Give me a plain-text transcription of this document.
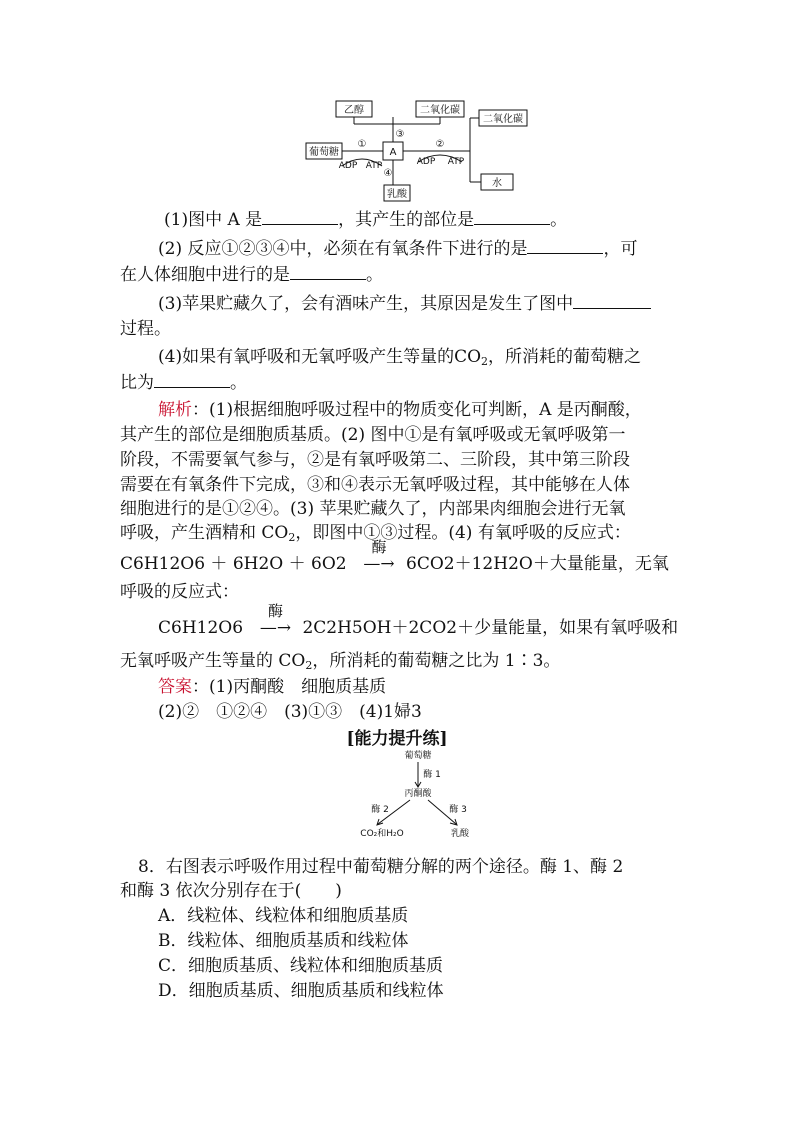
乙醇	二氧化碳
二氧化碳
葡萄糖	A
乳酸
水
①	②
③
④
ADP ATP	ADP ATP
(1)图中 A 是	，其产生的部位是	。
(2) 反应①②③④中，必须在有氧条件下进行的是	，可
在人体细胞中进行的是	。
(3)苹果贮藏久了，会有酒味产生，其原因是发生了图中
过程。
(4)如果有氧呼吸和无氧呼吸产生等量的$CO_2$，所消耗的葡萄糖之
比为	。
解析：(1)根据细胞呼吸过程中的物质变化可判断，A 是丙酮酸，
其产生的部位是细胞质基质。(2) 图中①是有氧呼吸或无氧呼吸第一
阶段，不需要氧气参与，②是有氧呼吸第二、三阶段，其中第三阶段
需要在有氧条件下完成，③和④表示无氧呼吸过程，其中能够在人体
细胞进行的是①②④。(3) 苹果贮藏久了，内部果肉细胞会进行无氧
呼吸，产生酒精和 $CO_2$，即图中①③过程。(4) 有氧呼吸的反应式：
C6H12O6 ＋ 6H2O ＋ 6O2
酶
—→ 6CO2＋12H2O＋大量能量，无氧
呼吸的反应式：
C6H12O6
酶
—→ 2C2H5OH＋2CO2＋少量能量，如果有氧呼吸和
无氧呼吸产生等量的 $CO_2$，所消耗的葡萄糖之比为 1∶3。
答案：(1)丙酮酸　细胞质基质
(2)②　①②④　(3)①③　(4)1婦3
[能力提升练]
葡萄糖
酶 1
丙酮酸
酶 2	酶 3
CO₂和H₂O	乳酸
8．右图表示呼吸作用过程中葡萄糖分解的两个途径。酶 1、酶 2
和酶 3 依次分别存在于(　　)
A．线粒体、线粒体和细胞质基质
B．线粒体、细胞质基质和线粒体
C．细胞质基质、线粒体和细胞质基质
D．细胞质基质、细胞质基质和线粒体
